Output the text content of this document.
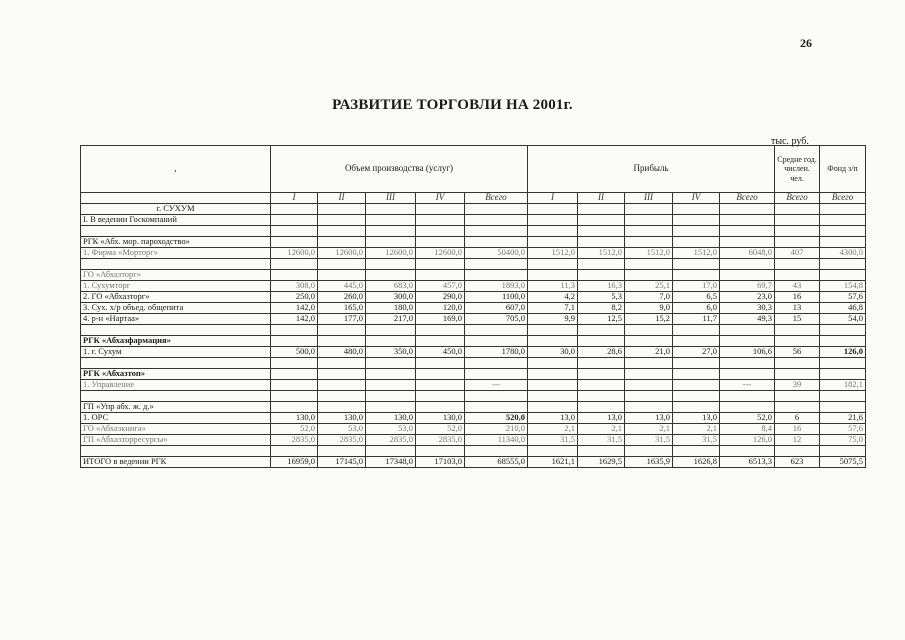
26
РАЗВИТИЕ ТОРГОВЛИ НА 2001г.
тыс. руб.
,	Объем производства (услуг)					Прибыль					Средне год. числен. чел.	Фонд з/п
	I	II	III	IV	Всего	I	II	III	IV	Всего	Всего	Всего
г. СУХУМ												
I. В ведении Госкомпаний												

РГК «Абх. мор. пароходство»												
1. Фирма «Морторг»	12600,0	12600,0	12600,0	12600,0	50400,0	1512,0	1512,0	1512,0	1512,0	6048,0	407	4300,0

ГО «Абхазторг»												
1. Сухумторг	308,0	445,0	683,0	457,0	1893,0	11,3	16,3	25,1	17,0	69,7	43	154,8
2. ГО «Абхазторг»	250,0	260,0	300,0	290,0	1100,0	4,2	5,3	7,0	6,5	23,0	16	57,6
3. Сух. х/р объед. общепита	142,0	165,0	180,0	120,0	607,0	7,1	8,2	9,0	6,0	30,3	13	46,8
4. р-н «Нартаа»	142,0	177,0	217,0	169,0	705,0	9,9	12,5	15,2	11,7	49,3	15	54,0

РГК «Абхазфармация»												
1. г. Сухум	500,0	480,0	350,0	450,0	1780,0	30,0	28,6	21,0	27,0	106,6	56	126,0

РГК «Абхазтоп»												
1. Управление					---					---	39	182,1

ГП «Упр абх. ж. д.»												
1. ОРС	130,0	130,0	130,0	130,0	520,0	13,0	13,0	13,0	13,0	52,0	6	21,6
ГО «Абхазкнига»	52,0	53,0	53,0	52,0	210,0	2,1	2,1	2,1	2,1	8,4	16	57,6
ГП «Абхазторресурсы»	2835,0	2835,0	2835,0	2835,0	11340,0	31,5	31,5	31,5	31,5	126,0	12	75,0

ИТОГО в ведении РГК	16959,0	17145,0	17348,0	17103,0	68555,0	1621,1	1629,5	1635,9	1626,8	6513,3	623	5075,5
